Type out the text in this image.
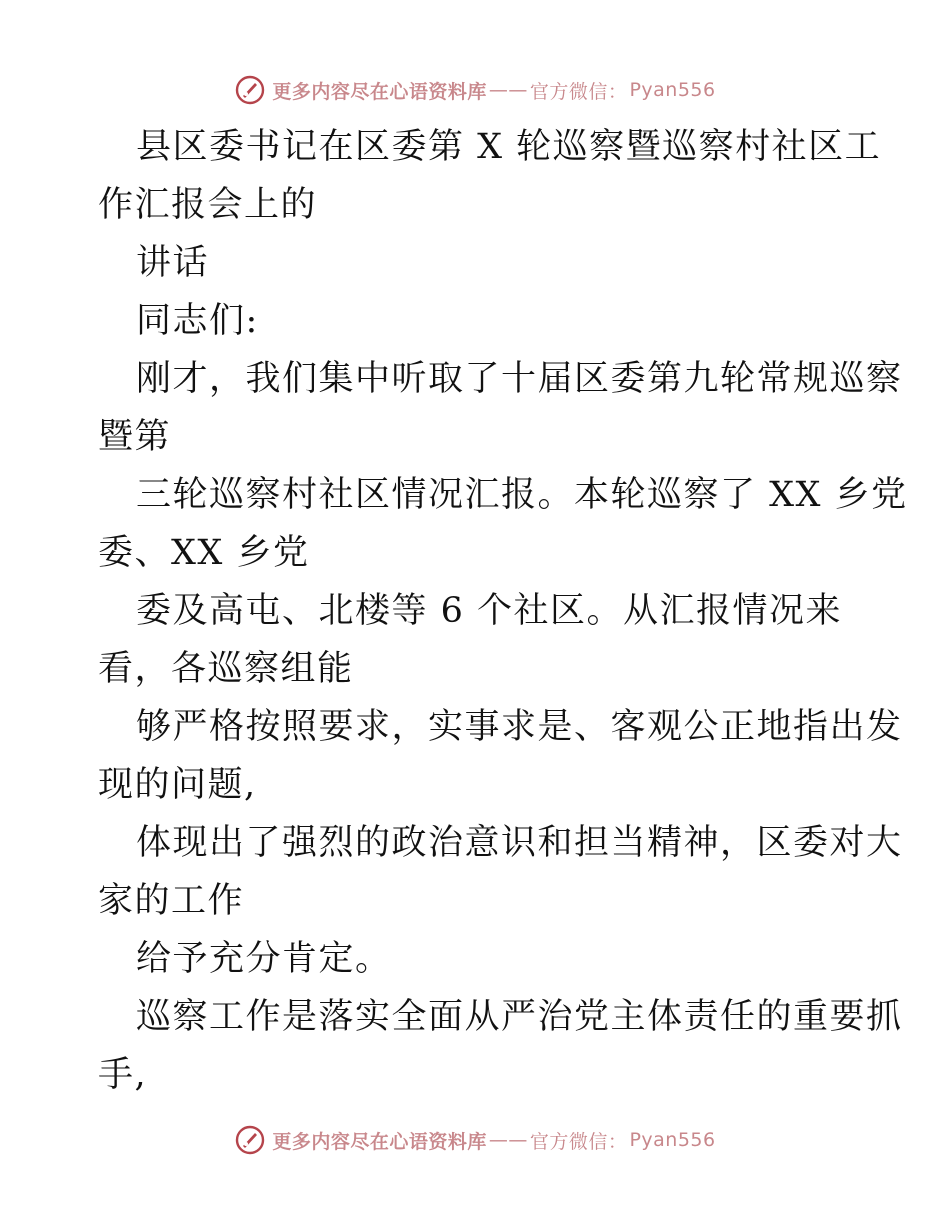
更多内容尽在心语资料库 —— 官方微信： Pyan556
县区委书记在区委第 X 轮巡察暨巡察村社区工
作汇报会上的
讲话
同志们:
刚才，我们集中听取了十届区委第九轮常规巡察
暨第
三轮巡察村社区情况汇报。本轮巡察了 XX 乡党
委、XX 乡党
委及高屯、北楼等 6 个社区。从汇报情况来
看，各巡察组能
够严格按照要求，实事求是、客观公正地指出发
现的问题,
体现出了强烈的政治意识和担当精神，区委对大
家的工作
给予充分肯定。
巡察工作是落实全面从严治党主体责任的重要抓
手,
更多内容尽在心语资料库 —— 官方微信： Pyan556
